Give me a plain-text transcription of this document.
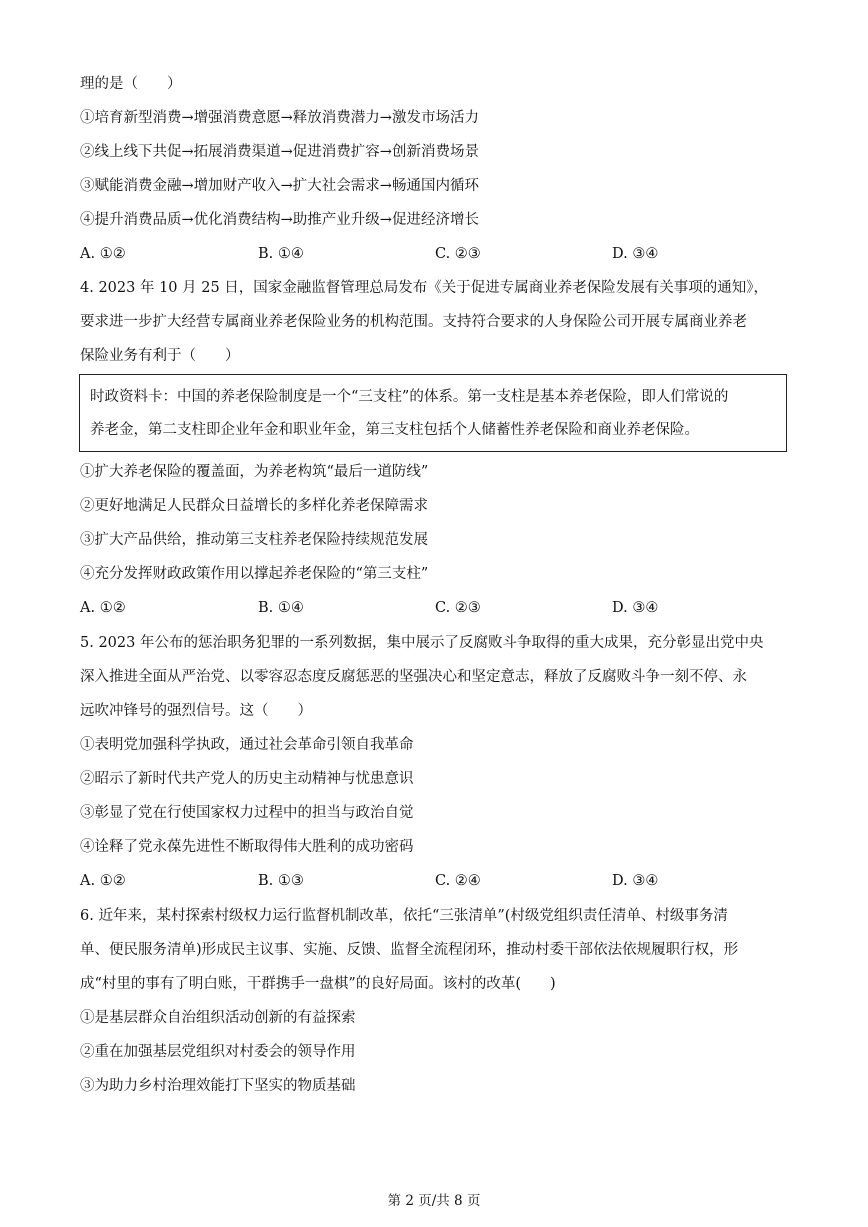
理的是（　　）
①培育新型消费→增强消费意愿→释放消费潜力→激发市场活力
②线上线下共促→拓展消费渠道→促进消费扩容→创新消费场景
③赋能消费金融→增加财产收入→扩大社会需求→畅通国内循环
④提升消费品质→优化消费结构→助推产业升级→促进经济增长
A. ①②	B. ①④	C. ②③	D. ③④
4. 2023 年 10 月 25 日，国家金融监督管理总局发布《关于促进专属商业养老保险发展有关事项的通知》，
要求进一步扩大经营专属商业养老保险业务的机构范围。支持符合要求的人身保险公司开展专属商业养老
保险业务有利于（　　）
时政资料卡：中国的养老保险制度是一个“三支柱”的体系。第一支柱是基本养老保险，即人们常说的
养老金，第二支柱即企业年金和职业年金，第三支柱包括个人储蓄性养老保险和商业养老保险。
①扩大养老保险的覆盖面，为养老构筑“最后一道防线”
②更好地满足人民群众日益增长的多样化养老保障需求
③扩大产品供给，推动第三支柱养老保险持续规范发展
④充分发挥财政政策作用以撑起养老保险的“第三支柱”
A. ①②	B. ①④	C. ②③	D. ③④
5. 2023 年公布的惩治职务犯罪的一系列数据，集中展示了反腐败斗争取得的重大成果，充分彰显出党中央
深入推进全面从严治党、以零容忍态度反腐惩恶的坚强决心和坚定意志，释放了反腐败斗争一刻不停、永
远吹冲锋号的强烈信号。这（　　）
①表明党加强科学执政，通过社会革命引领自我革命
②昭示了新时代共产党人的历史主动精神与忧患意识
③彰显了党在行使国家权力过程中的担当与政治自觉
④诠释了党永葆先进性不断取得伟大胜利的成功密码
A. ①②	B. ①③	C. ②④	D. ③④
6. 近年来，某村探索村级权力运行监督机制改革，依托“三张清单”(村级党组织责任清单、村级事务清
单、便民服务清单)形成民主议事、实施、反馈、监督全流程闭环，推动村委干部依法依规履职行权，形
成“村里的事有了明白账，干群携手一盘棋”的良好局面。该村的改革(　　)
①是基层群众自治组织活动创新的有益探索
②重在加强基层党组织对村委会的领导作用
③为助力乡村治理效能打下坚实的物质基础
第 2 页/共 8 页
